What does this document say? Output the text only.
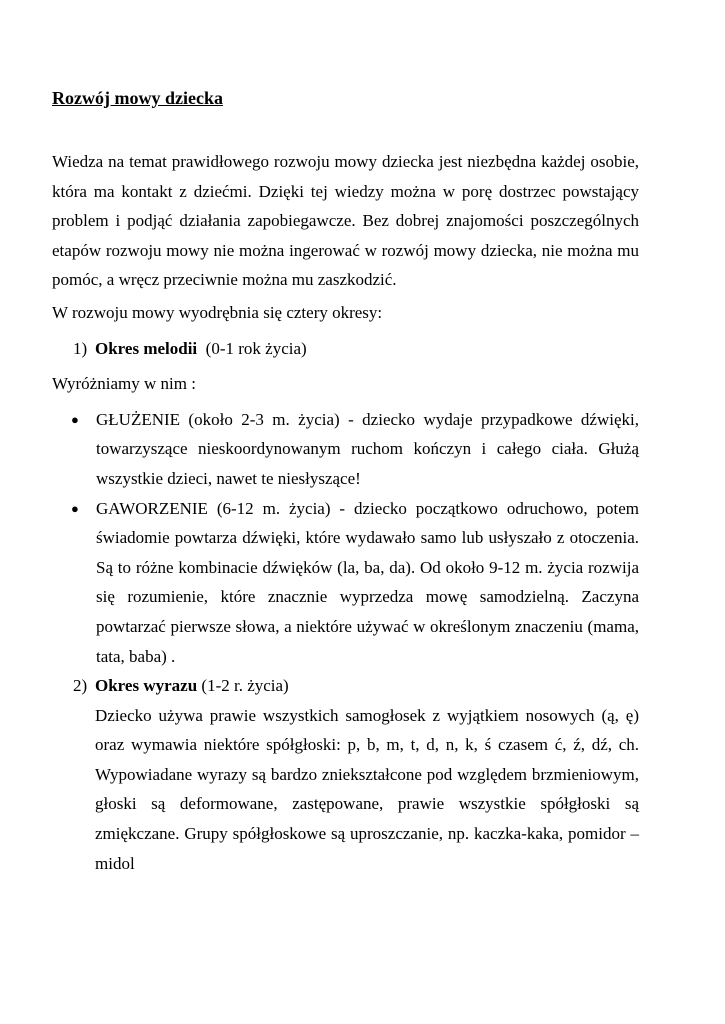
Rozwój mowy dziecka

Wiedza na temat prawidłowego rozwoju mowy dziecka jest niezbędna każdej osobie, która ma kontakt z dziećmi. Dzięki tej wiedzy można w porę dostrzec powstający problem i podjąć działania zapobiegawcze. Bez dobrej znajomości poszczególnych etapów rozwoju mowy nie można ingerować w rozwój mowy dziecka, nie można mu pomóc, a wręcz przeciwnie można mu zaszkodzić.

W rozwoju mowy wyodrębnia się cztery okresy:

1) Okres melodii  (0-1 rok życia)

Wyróżniamy w nim :

●	GŁUŻENIE (około 2-3 m. życia) - dziecko wydaje przypadkowe dźwięki, towarzyszące nieskoordynowanym ruchom kończyn i całego ciała. Głużą wszystkie dzieci, nawet te niesłyszące!
●	GAWORZENIE (6-12 m. życia) - dziecko początkowo odruchowo, potem świadomie powtarza dźwięki, które wydawało samo lub usłyszało z otoczenia. Są to różne kombinacie dźwięków (la, ba, da). Od około 9-12 m. życia rozwija się rozumienie, które znacznie wyprzedza mowę samodzielną. Zaczyna powtarzać pierwsze słowa, a niektóre używać w określonym znaczeniu (mama, tata, baba) .
2) Okres wyrazu (1-2 r. życia)

Dziecko używa prawie wszystkich samogłosek z wyjątkiem nosowych (ą, ę) oraz wymawia niektóre spółgłoski: p, b, m, t, d, n, k, ś czasem ć, ź, dź, ch. Wypowiadane wyrazy są bardzo zniekształcone pod względem brzmieniowym, głoski są deformowane, zastępowane, prawie wszystkie spółgłoski są zmiękczane. Grupy spółgłoskowe są uproszczanie, np. kaczka-kaka, pomidor – midol
